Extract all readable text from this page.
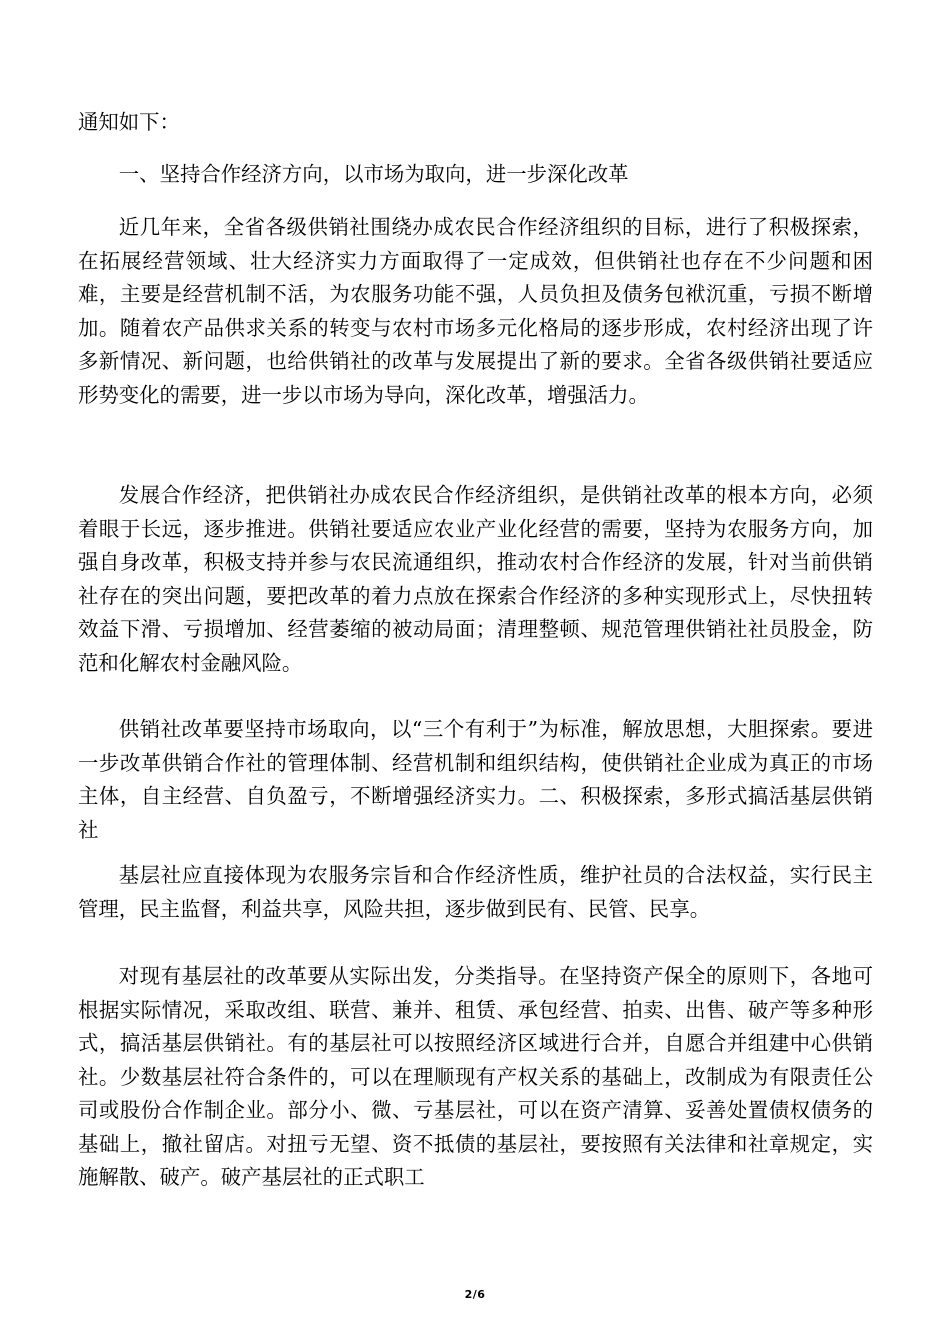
通知如下：

一、坚持合作经济方向，以市场为取向，进一步深化改革

近几年来，全省各级供销社围绕办成农民合作经济组织的目标，进行了积极探索，在拓展经营领域、壮大经济实力方面取得了一定成效，但供销社也存在不少问题和困难，主要是经营机制不活，为农服务功能不强，人员负担及债务包袱沉重，亏损不断增加。随着农产品供求关系的转变与农村市场多元化格局的逐步形成，农村经济出现了许多新情况、新问题，也给供销社的改革与发展提出了新的要求。全省各级供销社要适应形势变化的需要，进一步以市场为导向，深化改革，增强活力。

发展合作经济，把供销社办成农民合作经济组织，是供销社改革的根本方向，必须着眼于长远，逐步推进。供销社要适应农业产业化经营的需要，坚持为农服务方向，加强自身改革，积极支持并参与农民流通组织，推动农村合作经济的发展，针对当前供销社存在的突出问题，要把改革的着力点放在探索合作经济的多种实现形式上，尽快扭转效益下滑、亏损增加、经营萎缩的被动局面；清理整顿、规范管理供销社社员股金，防范和化解农村金融风险。

供销社改革要坚持市场取向，以“三个有利于”为标准，解放思想，大胆探索。要进一步改革供销合作社的管理体制、经营机制和组织结构，使供销社企业成为真正的市场主体，自主经营、自负盈亏，不断增强经济实力。二、积极探索，多形式搞活基层供销社

基层社应直接体现为农服务宗旨和合作经济性质，维护社员的合法权益，实行民主管理，民主监督，利益共享，风险共担，逐步做到民有、民管、民享。

对现有基层社的改革要从实际出发，分类指导。在坚持资产保全的原则下，各地可根据实际情况，采取改组、联营、兼并、租赁、承包经营、拍卖、出售、破产等多种形式，搞活基层供销社。有的基层社可以按照经济区域进行合并，自愿合并组建中心供销社。少数基层社符合条件的，可以在理顺现有产权关系的基础上，改制成为有限责任公司或股份合作制企业。部分小、微、亏基层社，可以在资产清算、妥善处置债权债务的基础上，撤社留店。对扭亏无望、资不抵债的基层社，要按照有关法律和社章规定，实施解散、破产。破产基层社的正式职工

2/6
